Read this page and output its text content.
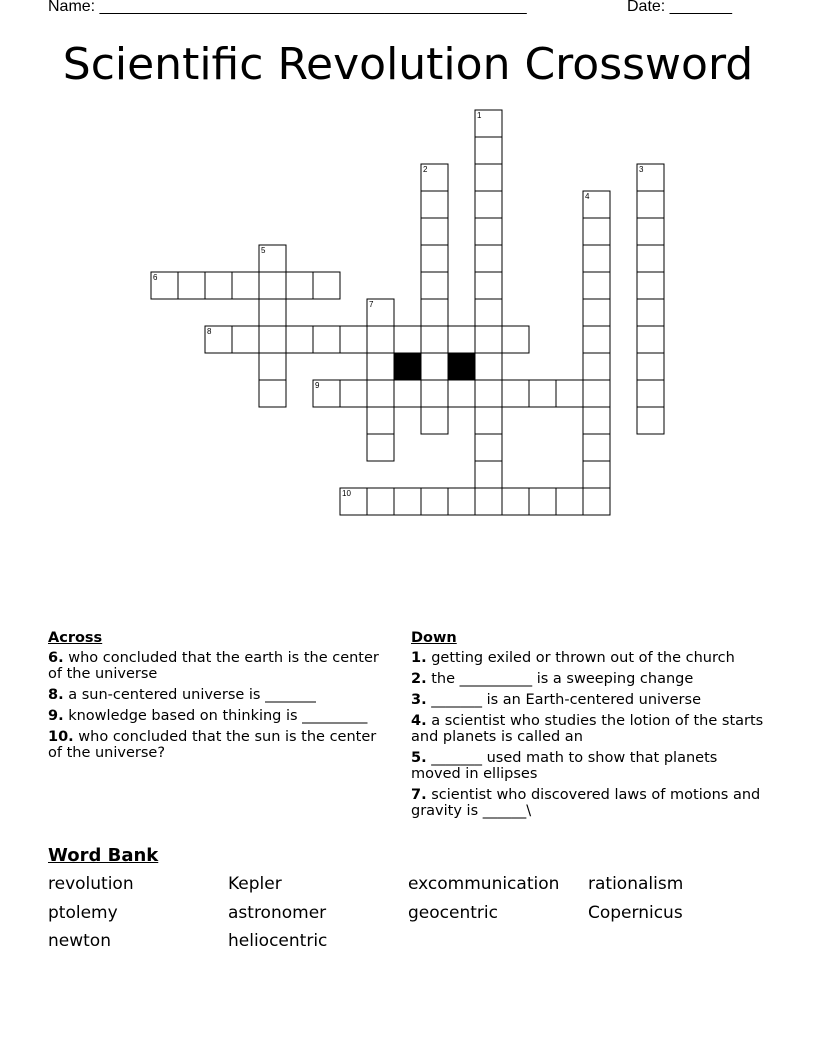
Name: ________________________________________________	Date: _______
Scientific Revolution Crossword
1
2	3
4
5
6
7
8
9
10
Across
6. who concluded that the earth is the center of the universe
8. a sun-centered universe is _______
9. knowledge based on thinking is _________
10. who concluded that the sun is the center of the universe?
Down
1. getting exiled or thrown out of the church
2. the __________ is a sweeping change
3. _______ is an Earth-centered universe
4. a scientist who studies the lotion of the starts and planets is called an
5. _______ used math to show that planets moved in ellipses
7. scientist who discovered laws of motions and gravity is ______\
Word Bank
revolution
ptolemy
newton
Kepler
astronomer
heliocentric
excommunication
geocentric
rationalism
Copernicus
